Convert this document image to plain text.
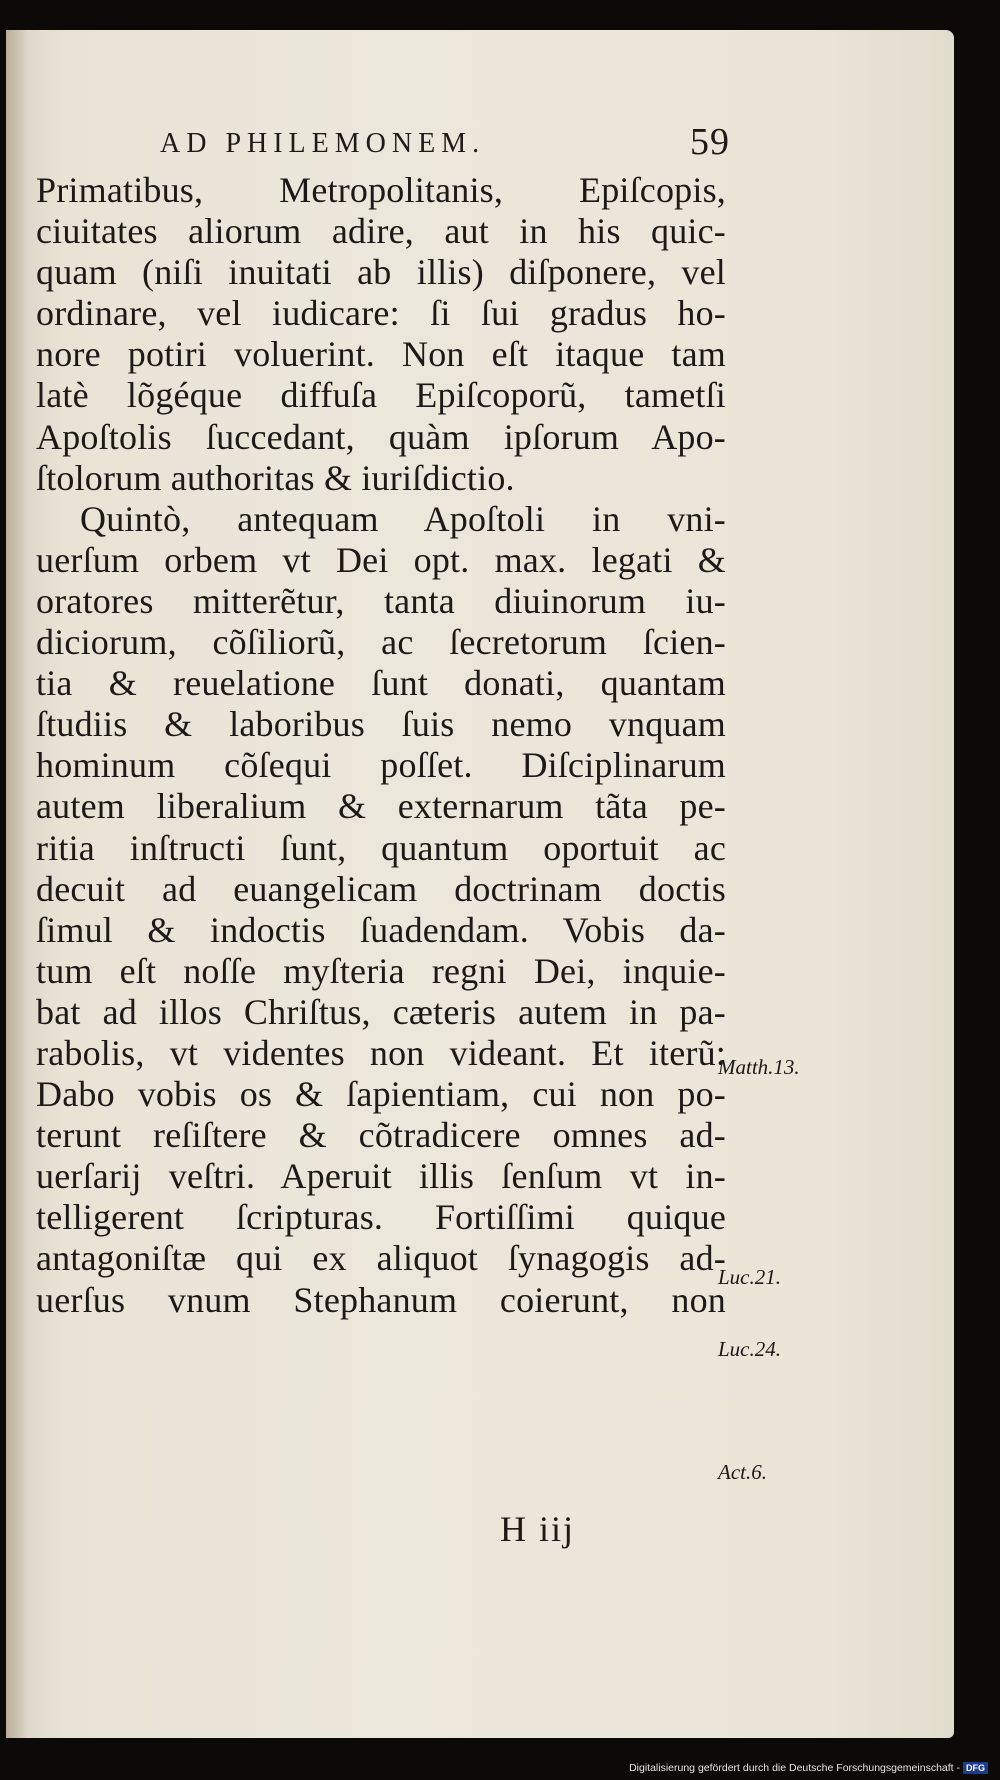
AD PHILEMONEM.	59
Primatibus, Metropolitanis, Epiſcopis,
ciuitates aliorum adire, aut in his quic-
quam (niſi inuitati ab illis) diſponere, vel
ordinare, vel iudicare: ſi ſui gradus ho-
nore potiri voluerint. Non eſt itaque tam
latè lõgéque diffuſa Epiſcoporũ, tametſi
Apoſtolis ſuccedant, quàm ipſorum Apo-
ſtolorum authoritas & iuriſdictio.
Quintò, antequam Apoſtoli in vni-
uerſum orbem vt Dei opt. max. legati &
oratores mitterẽtur, tanta diuinorum iu-
diciorum, cõſiliorũ, ac ſecretorum ſcien-
tia & reuelatione ſunt donati, quantam
ſtudiis & laboribus ſuis nemo vnquam
hominum cõſequi poſſet. Diſciplinarum
autem liberalium & externarum tãta pe-
ritia inſtructi ſunt, quantum oportuit ac
decuit ad euangelicam doctrinam doctis
ſimul & indoctis ſuadendam. Vobis da-
tum eſt noſſe myſteria regni Dei, inquie-
bat ad illos Chriſtus, cæteris autem in pa-
rabolis, vt videntes non videant. Et iterũ:
Dabo vobis os & ſapientiam, cui non po-
terunt reſiſtere & cõtradicere omnes ad-
uerſarij veſtri. Aperuit illis ſenſum vt in-
telligerent ſcripturas. Fortiſſimi quique
antagoniſtæ qui ex aliquot ſynagogis ad-
uerſus vnum Stephanum coierunt, non
Matth.13.
Luc.21.
Luc.24.
Act.6.
H iij
Digitalisierung gefördert durch die Deutsche Forschungsgemeinschaft - DFG
